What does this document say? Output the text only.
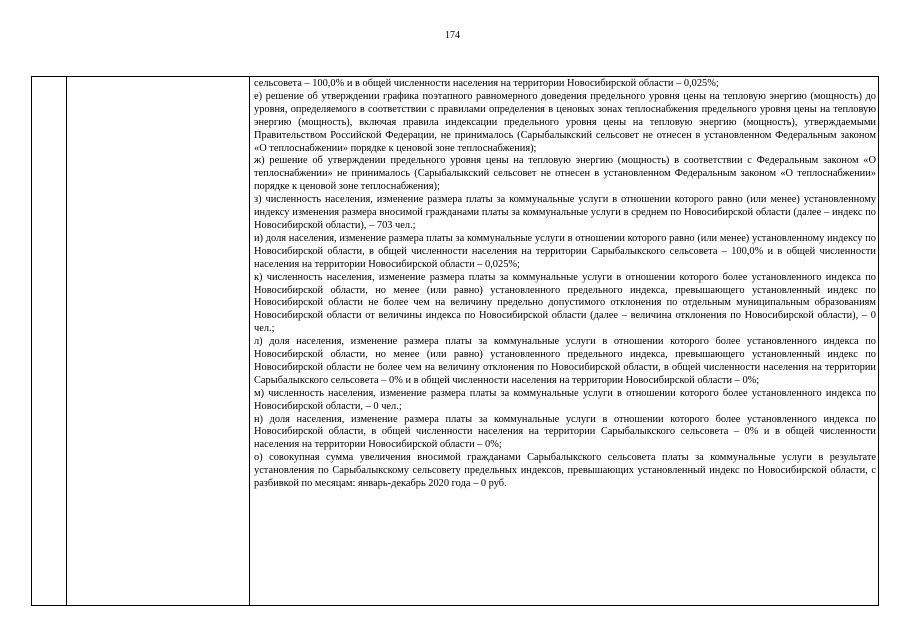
174

сельсовета – 100,0% и в общей численности населения на территории Новосибирской области – 0,025%;

е) решение об утверждении графика поэтапного равномерного доведения предельного уровня цены на тепловую энергию (мощность) до уровня, определяемого в соответствии с правилами определения в ценовых зонах теплоснабжения предельного уровня цены на тепловую энергию (мощность), включая правила индексации предельного уровня цены на тепловую энергию (мощность), утверждаемыми Правительством Российской Федерации, не принималось (Сарыбалыкский сельсовет не отнесен в установленном Федеральным законом «О теплоснабжении» порядке к ценовой зоне теплоснабжения);

ж) решение об утверждении предельного уровня цены на тепловую энергию (мощность) в соответствии с Федеральным законом «О теплоснабжении» не принималось (Сарыбалыкский сельсовет не отнесен в установленном Федеральным законом «О теплоснабжении» порядке к ценовой зоне теплоснабжения);

з) численность населения, изменение размера платы за коммунальные услуги в отношении которого равно (или менее) установленному индексу изменения размера вносимой гражданами платы за коммунальные услуги в среднем по Новосибирской области (далее – индекс по Новосибирской области), – 703 чел.;

и) доля населения, изменение размера платы за коммунальные услуги в отношении которого равно (или менее) установленному индексу по Новосибирской области, в общей численности населения на территории Сарыбалыкского сельсовета – 100,0% и в общей численности населения на территории Новосибирской области – 0,025%;

к) численность населения, изменение размера платы за коммунальные услуги в отношении которого более установленного индекса по Новосибирской области, но менее (или равно) установленного предельного индекса, превышающего установленный индекс по Новосибирской области не более чем на величину предельно допустимого отклонения по отдельным муниципальным образованиям Новосибирской области от величины индекса по Новосибирской области (далее – величина отклонения по Новосибирской области), – 0 чел.;

л) доля населения, изменение размера платы за коммунальные услуги в отношении которого более установленного индекса по Новосибирской области, но менее (или равно) установленного предельного индекса, превышающего установленный индекс по Новосибирской области не более чем на величину отклонения по Новосибирской области, в общей численности населения на территории Сарыбалыкского сельсовета – 0% и в общей численности населения на территории Новосибирской области – 0%;

м) численность населения, изменение размера платы за коммунальные услуги в отношении которого более установленного индекса по Новосибирской области, – 0 чел.;

н) доля населения, изменение размера платы за коммунальные услуги в отношении которого более установленного индекса по Новосибирской области, в общей численности населения на территории Сарыбалыкского сельсовета – 0% и в общей численности населения на территории Новосибирской области – 0%;

о) совокупная сумма увеличения вносимой гражданами Сарыбалыкского сельсовета платы за коммунальные услуги в результате установления по Сарыбалыкскому сельсовету предельных индексов, превышающих установленный индекс по Новосибирской области, с разбивкой по месяцам: январь-декабрь 2020 года – 0 руб.
